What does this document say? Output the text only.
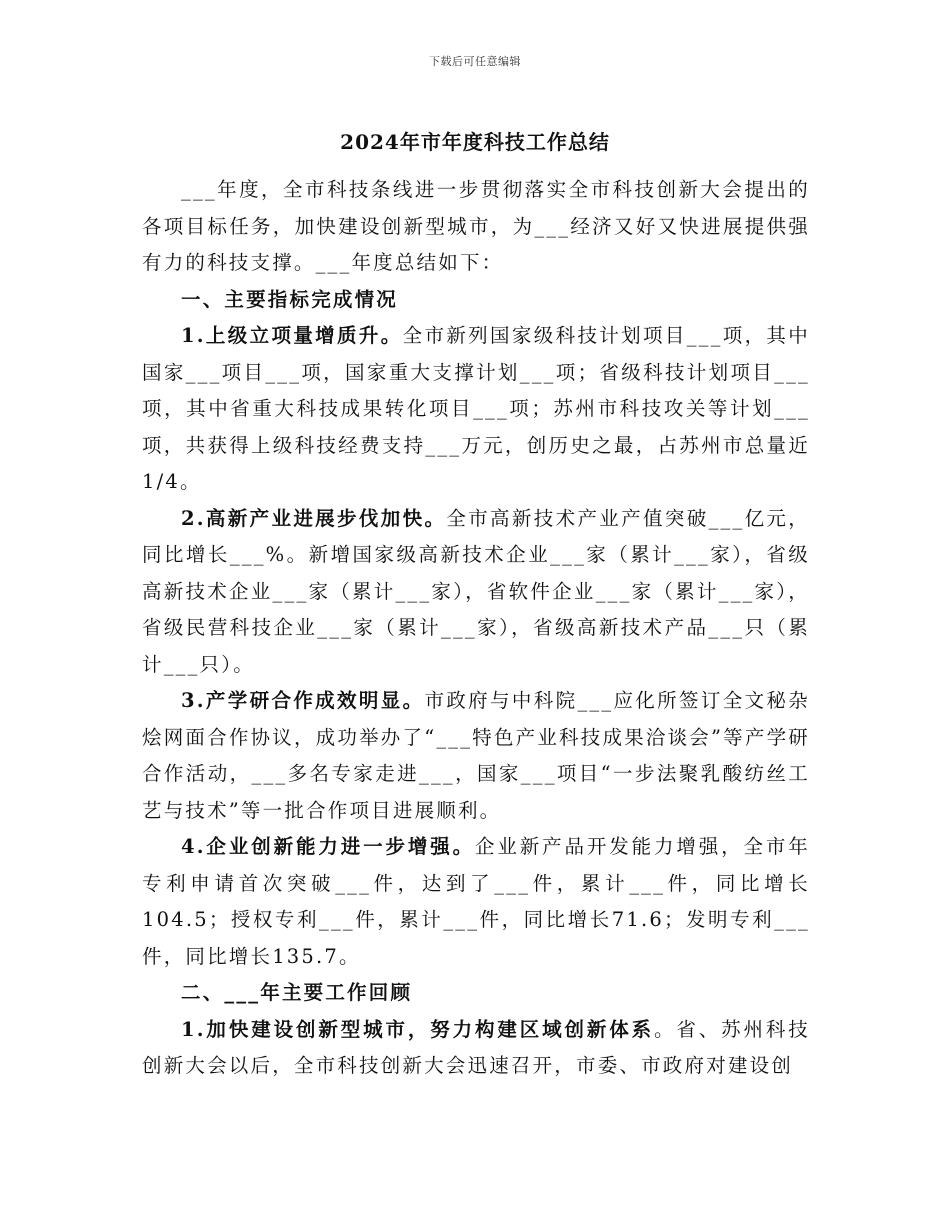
下载后可任意编辑
2024年市年度科技工作总结

___年度，全市科技条线进一步贯彻落实全市科技创新大会提出的各项目标任务，加快建设创新型城市，为___经济又好又快进展提供强有力的科技支撑。___年度总结如下：

一、主要指标完成情况

1.上级立项量增质升。全市新列国家级科技计划项目___项，其中国家___项目___项，国家重大支撑计划___项；省级科技计划项目___项，其中省重大科技成果转化项目___项；苏州市科技攻关等计划___项，共获得上级科技经费支持___万元，创历史之最，占苏州市总量近1/4。

2.高新产业进展步伐加快。全市高新技术产业产值突破___亿元，同比增长___%。新增国家级高新技术企业___家（累计___家），省级高新技术企业___家（累计___家），省软件企业___家（累计___家），省级民营科技企业___家（累计___家），省级高新技术产品___只（累计___只）。

3.产学研合作成效明显。市政府与中科院___应化所签订全文秘杂烩网面合作协议，成功举办了“___特色产业科技成果洽谈会”等产学研合作活动，___多名专家走进___，国家___项目“一步法聚乳酸纺丝工艺与技术”等一批合作项目进展顺利。

4.企业创新能力进一步增强。企业新产品开发能力增强，全市年专利申请首次突破___件，达到了___件，累计___件，同比增长104.5；授权专利___件，累计___件，同比增长71.6；发明专利___件，同比增长135.7。

二、___年主要工作回顾

1.加快建设创新型城市，努力构建区域创新体系。省、苏州科技创新大会以后，全市科技创新大会迅速召开，市委、市政府对建设创
